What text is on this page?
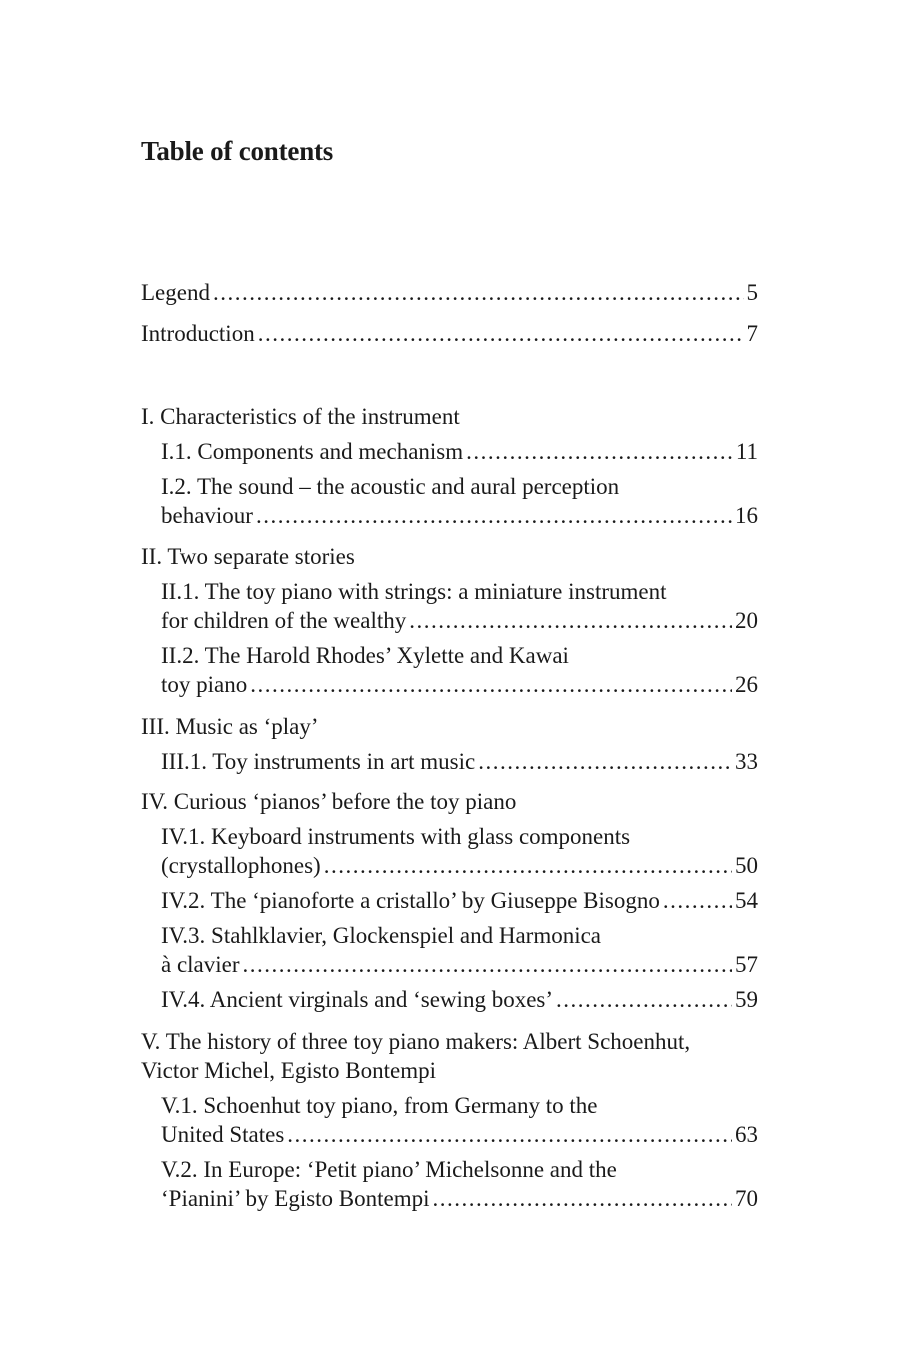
Table of contents
Legend .....	5
Introduction .....	7
I. Characteristics of the instrument
I.1. Components and mechanism .....	11
I.2. The sound – the acoustic and aural perception
behaviour .....	16
II. Two separate stories
II.1. The toy piano with strings: a miniature instrument
for children of the wealthy .....	20
II.2. The Harold Rhodes’ Xylette and Kawai
toy piano .....	26
III. Music as ‘play’
III.1. Toy instruments in art music .....	33
IV. Curious ‘pianos’ before the toy piano
IV.1. Keyboard instruments with glass components
(crystallophones) .....	50
IV.2. The ‘pianoforte a cristallo’ by Giuseppe Bisogno .....	54
IV.3. Stahlklavier, Glockenspiel and Harmonica
à clavier .....	57
IV.4. Ancient virginals and ‘sewing boxes’ .....	59
V. The history of three toy piano makers: Albert Schoenhut,
Victor Michel, Egisto Bontempi
V.1. Schoenhut toy piano, from Germany to the
United States .....	63
V.2. In Europe: ‘Petit piano’ Michelsonne and the
‘Pianini’ by Egisto Bontempi .....	70
